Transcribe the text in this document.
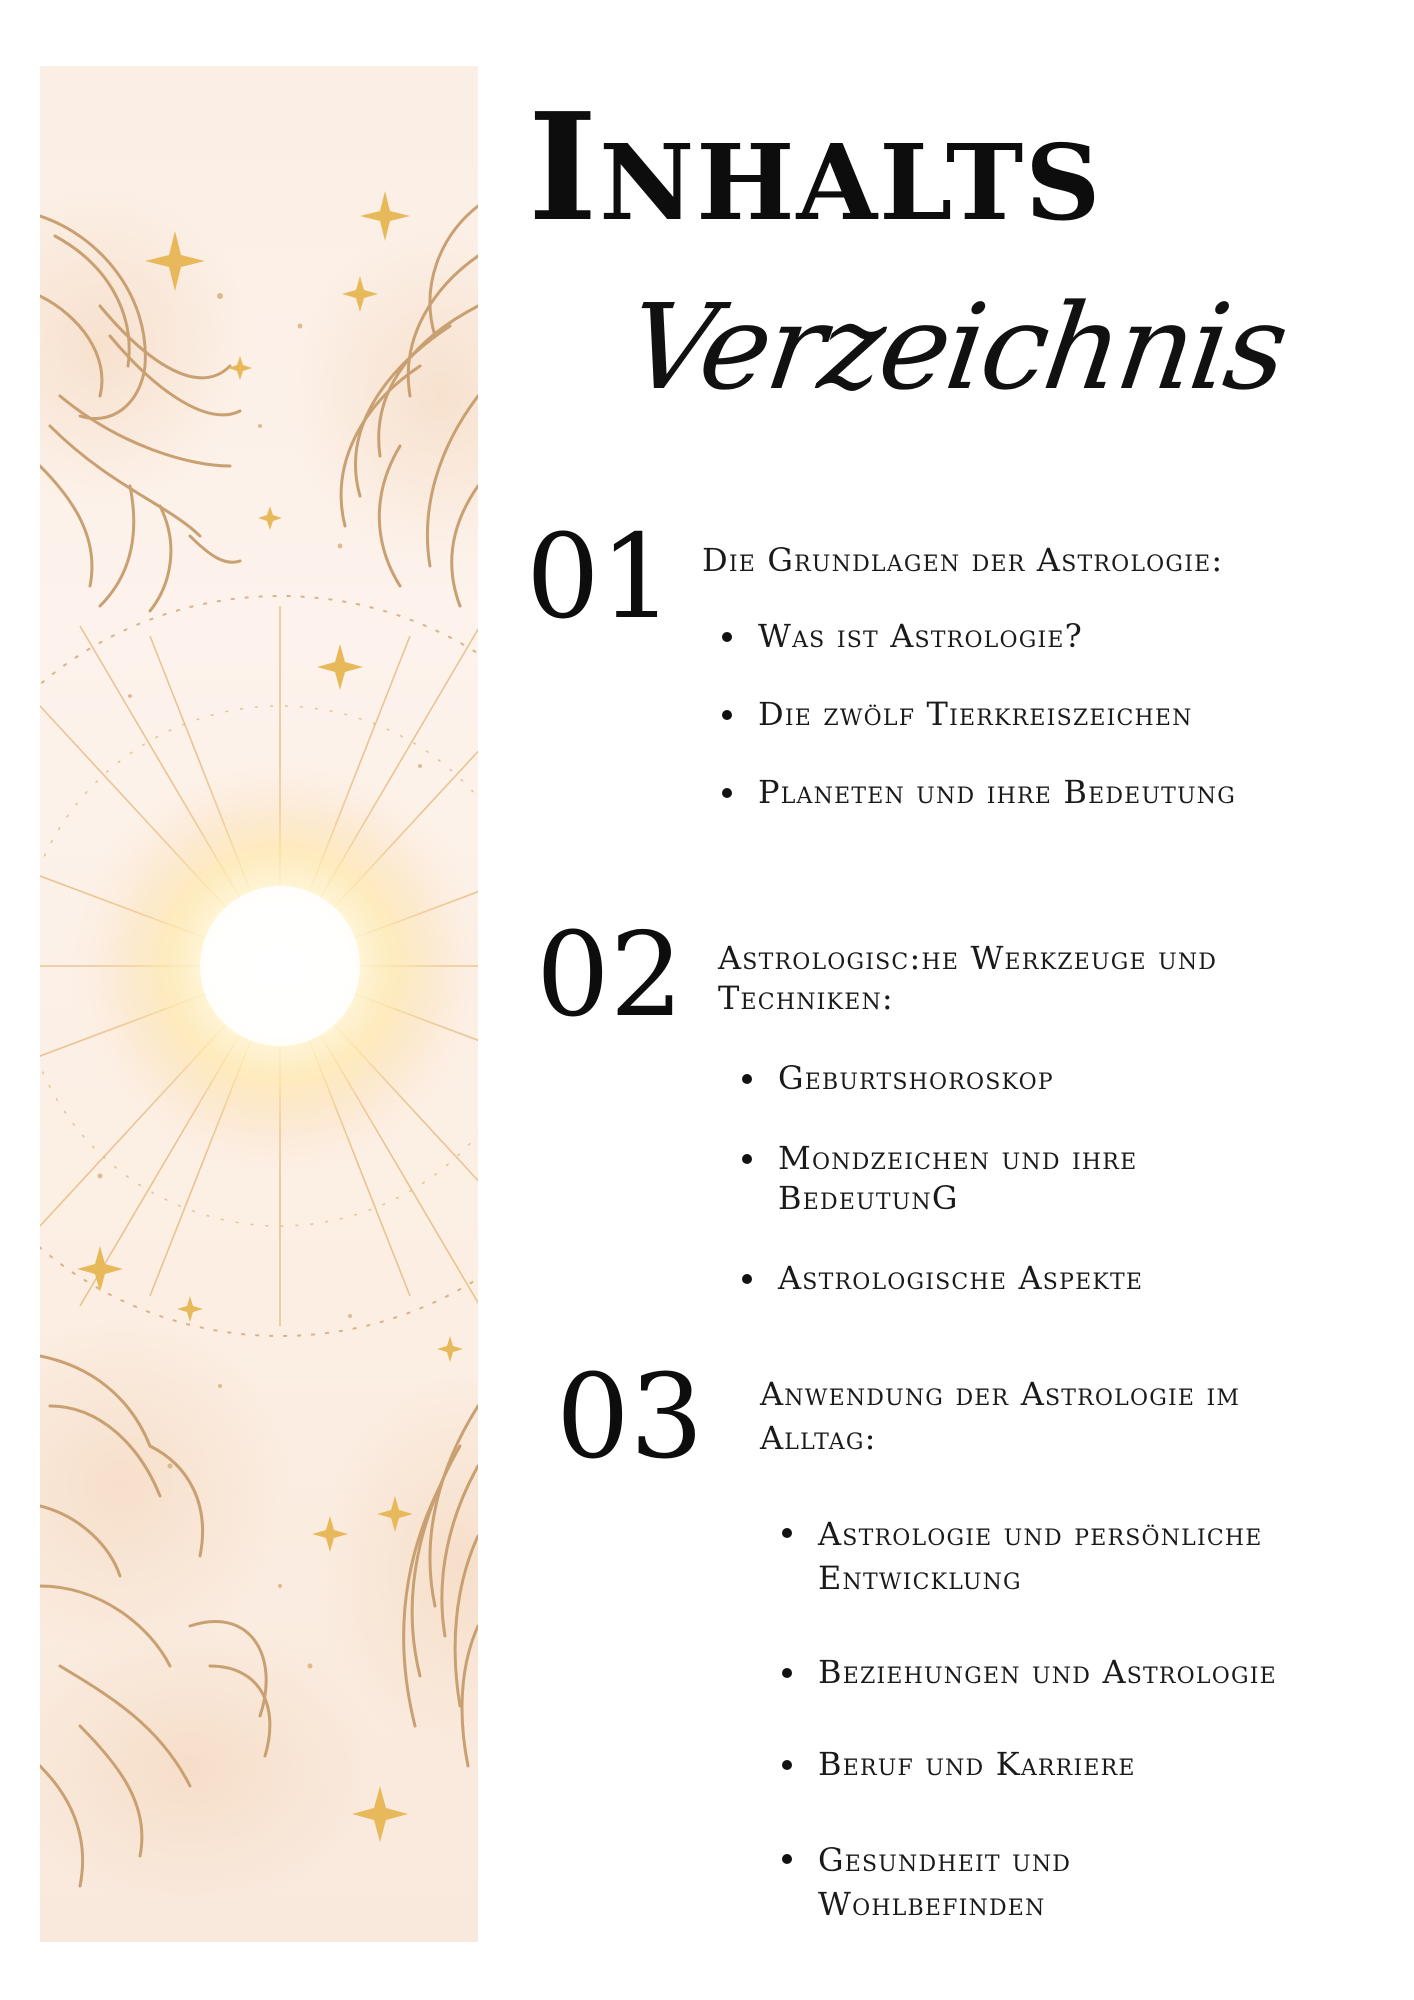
Inhalts
Verzeichnis
01 Die Grundlagen der Astrologie:
Was ist Astrologie?
Die zwölf Tierkreiszeichen
Planeten und ihre Bedeutung
02 Astrologisc:he Werkzeuge und
Techniken:
Geburtshoroskop
Mondzeichen und ihre
BedeutunG
Astrologische Aspekte
03 Anwendung der Astrologie im
Alltag:
Astrologie und persönliche
Entwicklung
Beziehungen und Astrologie
Beruf und Karriere
Gesundheit und
Wohlbefinden
